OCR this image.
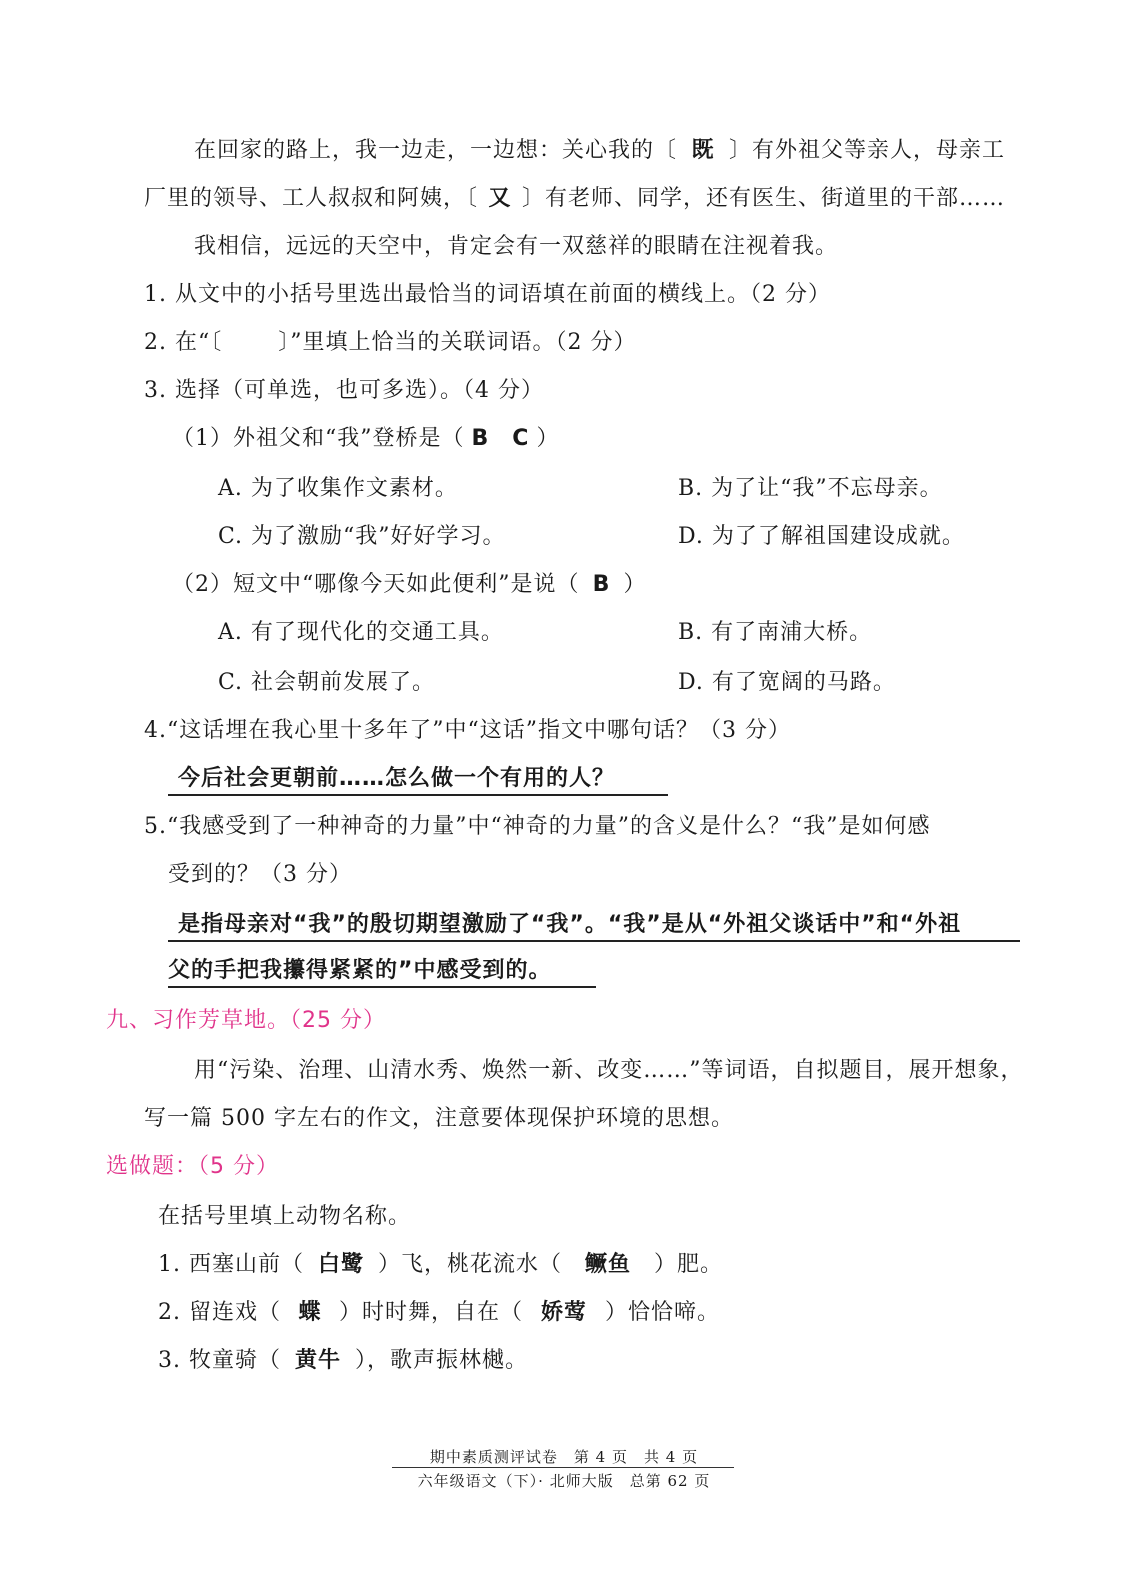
在回家的路上，我一边走，一边想：关心我的〔 既 〕有外祖父等亲人，母亲工
厂里的领导、工人叔叔和阿姨，〔 又 〕有老师、同学，还有医生、街道里的干部……
我相信，远远的天空中，肯定会有一双慈祥的眼睛在注视着我。
1. 从文中的小括号里选出最恰当的词语填在前面的横线上。（2 分）
2. 在“〔	〕”里填上恰当的关联词语。（2 分）
3. 选择（可单选，也可多选）。（4 分）
（1）外祖父和“我”登桥是（ B　C ）
A. 为了收集作文素材。	B. 为了让“我”不忘母亲。
C. 为了激励“我”好好学习。	D. 为了了解祖国建设成就。
（2）短文中“哪像今天如此便利”是说（ B ）
A. 有了现代化的交通工具。	B. 有了南浦大桥。
C. 社会朝前发展了。	D. 有了宽阔的马路。
4.“这话埋在我心里十多年了”中“这话”指文中哪句话？（3 分）
今后社会更朝前……怎么做一个有用的人？
5.“我感受到了一种神奇的力量”中“神奇的力量”的含义是什么？“我”是如何感
受到的？（3 分）
是指母亲对“我”的殷切期望激励了“我”。“我”是从“外祖父谈话中”和“外祖
父的手把我攥得紧紧的”中感受到的。
九、习作芳草地。（25 分）
用“污染、治理、山清水秀、焕然一新、改变……”等词语，自拟题目，展开想象，
写一篇 500 字左右的作文，注意要体现保护环境的思想。
选做题：（5 分）
在括号里填上动物名称。
1. 西塞山前（ 白鹭 ）飞，桃花流水（ 鳜鱼 ）肥。
2. 留连戏（ 蝶 ）时时舞，自在（ 娇莺 ）恰恰啼。
3. 牧童骑（ 黄牛 ），歌声振林樾。
期中素质测评试卷　第 4 页　共 4 页
六年级语文（下）· 北师大版　总第 62 页
